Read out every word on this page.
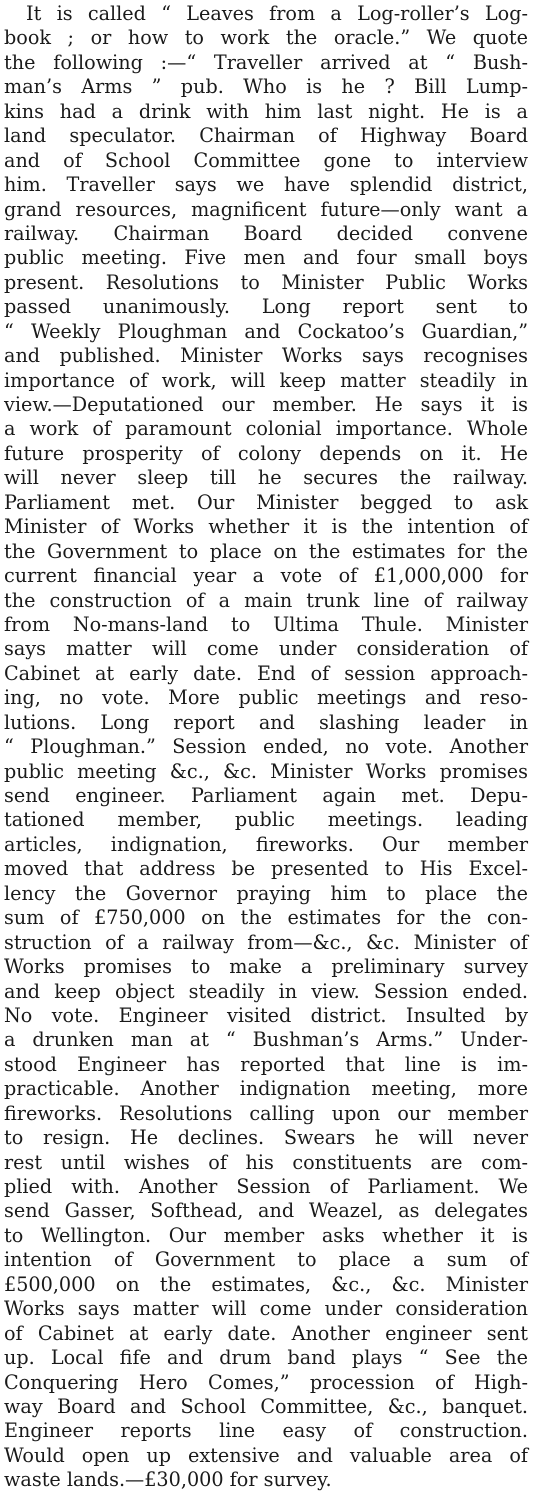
It is called “ Leaves from a Log-roller’s Log-
book ; or how to work the oracle.” We quote
the following :—“ Traveller arrived at “ Bush-
man’s Arms ” pub. Who is he ? Bill Lump-
kins had a drink with him last night. He is a
land speculator. Chairman of Highway Board
and of School Committee gone to interview
him. Traveller says we have splendid district,
grand resources, magnificent future—only want a
railway. Chairman Board decided convene
public meeting. Five men and four small boys
present. Resolutions to Minister Public Works
passed unanimously. Long report sent to
“ Weekly Ploughman and Cockatoo’s Guardian,”
and published. Minister Works says recognises
importance of work, will keep matter steadily in
view.—Deputationed our member. He says it is
a work of paramount colonial importance. Whole
future prosperity of colony depends on it. He
will never sleep till he secures the railway.
Parliament met. Our Minister begged to ask
Minister of Works whether it is the intention of
the Government to place on the estimates for the
current financial year a vote of £1,000,000 for
the construction of a main trunk line of railway
from No-mans-land to Ultima Thule. Minister
says matter will come under consideration of
Cabinet at early date. End of session approach-
ing, no vote. More public meetings and reso-
lutions. Long report and slashing leader in
“ Ploughman.” Session ended, no vote. Another
public meeting &c., &c. Minister Works promises
send engineer. Parliament again met. Depu-
tationed member, public meetings. leading
articles, indignation, fireworks. Our member
moved that address be presented to His Excel-
lency the Governor praying him to place the
sum of £750,000 on the estimates for the con-
struction of a railway from—&c., &c. Minister of
Works promises to make a preliminary survey
and keep object steadily in view. Session ended.
No vote. Engineer visited district. Insulted by
a drunken man at “ Bushman’s Arms.” Under-
stood Engineer has reported that line is im-
practicable. Another indignation meeting, more
fireworks. Resolutions calling upon our member
to resign. He declines. Swears he will never
rest until wishes of his constituents are com-
plied with. Another Session of Parliament. We
send Gasser, Softhead, and Weazel, as delegates
to Wellington. Our member asks whether it is
intention of Government to place a sum of
£500,000 on the estimates, &c., &c. Minister
Works says matter will come under consideration
of Cabinet at early date. Another engineer sent
up. Local fife and drum band plays “ See the
Conquering Hero Comes,” procession of High-
way Board and School Committee, &c., banquet.
Engineer reports line easy of construction.
Would open up extensive and valuable area of
waste lands.—£30,000 for survey.
